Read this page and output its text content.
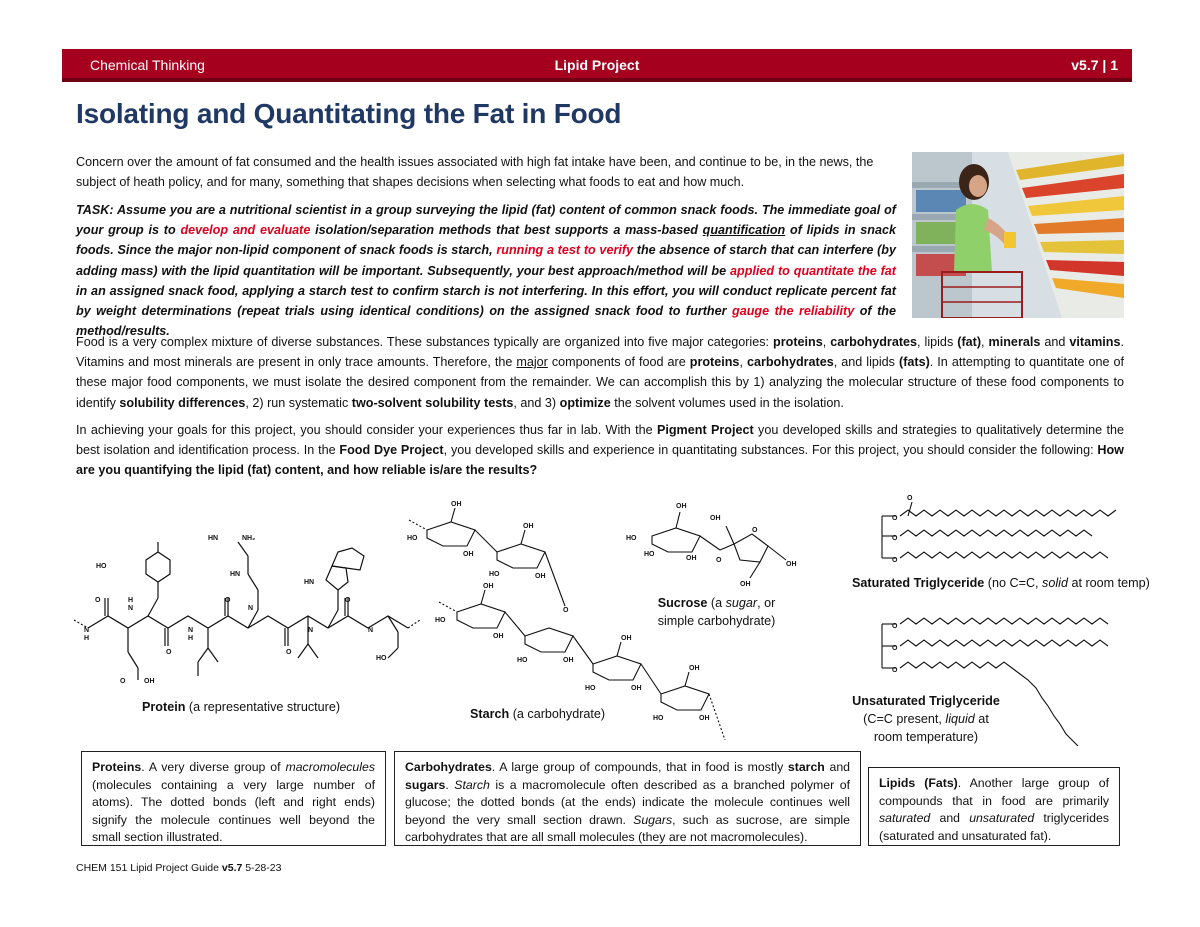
Chemical Thinking	Lipid Project	v5.7 | 1
Isolating and Quantitating the Fat in Food

Concern over the amount of fat consumed and the health issues associated with high fat intake have been, and continue to be, in the news, the subject of heath policy, and for many, something that shapes decisions when selecting what foods to eat and how much.

TASK: Assume you are a nutritional scientist in a group surveying the lipid (fat) content of common snack foods. The immediate goal of your group is to develop and evaluate isolation/separation methods that best supports a mass-based quantification of lipids in snack foods. Since the major non-lipid component of snack foods is starch, running a test to verify the absence of starch that can interfere (by adding mass) with the lipid quantitation will be important. Subsequently, your best approach/method will be applied to quantitate the fat in an assigned snack food, applying a starch test to confirm starch is not interfering. In this effort, you will conduct replicate percent fat by weight determinations (repeat trials using identical conditions) on the assigned snack food to further gauge the reliability of the method/results.

Food is a very complex mixture of diverse substances. These substances typically are organized into five major categories: proteins, carbohydrates, lipids (fat), minerals and vitamins. Vitamins and most minerals are present in only trace amounts. Therefore, the major components of food are proteins, carbohydrates, and lipids (fats). In attempting to quantitate one of these major food components, we must isolate the desired component from the remainder. We can accomplish this by 1) analyzing the molecular structure of these food components to identify solubility differences, 2) run systematic two-solvent solubility tests, and 3) optimize the solvent volumes used in the isolation.

In achieving your goals for this project, you should consider your experiences thus far in lab. With the Pigment Project you developed skills and strategies to qualitatively determine the best isolation and identification process. In the Food Dye Project, you developed skills and experience in quantitating substances. For this project, you should consider the following: How are you quantifying the lipid (fat) content, and how reliable is/are the results?

O
N
H
N
H
O
N
H
O
N
O
N
O
N
O	OH
HO
HO
HN
HN	NH₂
HN
Protein (a representative structure)
OH
HO
OH
OH
HO	OH
OH
HO
OH
HO	OH
OH
HO	OH
OH
HO	OH
O
Starch (a carbohydrate)
OH
HO
HO
OH
OH
O
OH
OH
O
Sucrose (a sugar, or
simple carbohydrate)
O
O
O
O
Saturated Triglyceride (no C=C, solid at room temp)
O
O
O
Unsaturated Triglyceride
(C=C present, liquid at
room temperature)
Proteins. A very diverse group of macromolecules (molecules containing a very large number of atoms). The dotted bonds (left and right ends) signify the molecule continues well beyond the small section illustrated.
Carbohydrates. A large group of compounds, that in food is mostly starch and sugars. Starch is a macromolecule often described as a branched polymer of glucose; the dotted bonds (at the ends) indicate the molecule continues well beyond the very small section drawn. Sugars, such as sucrose, are simple carbohydrates that are all small molecules (they are not macromolecules).
Lipids (Fats). Another large group of compounds that in food are primarily saturated and unsaturated triglycerides (saturated and unsaturated fat).
CHEM 151 Lipid Project Guide v5.7 5-28-23
